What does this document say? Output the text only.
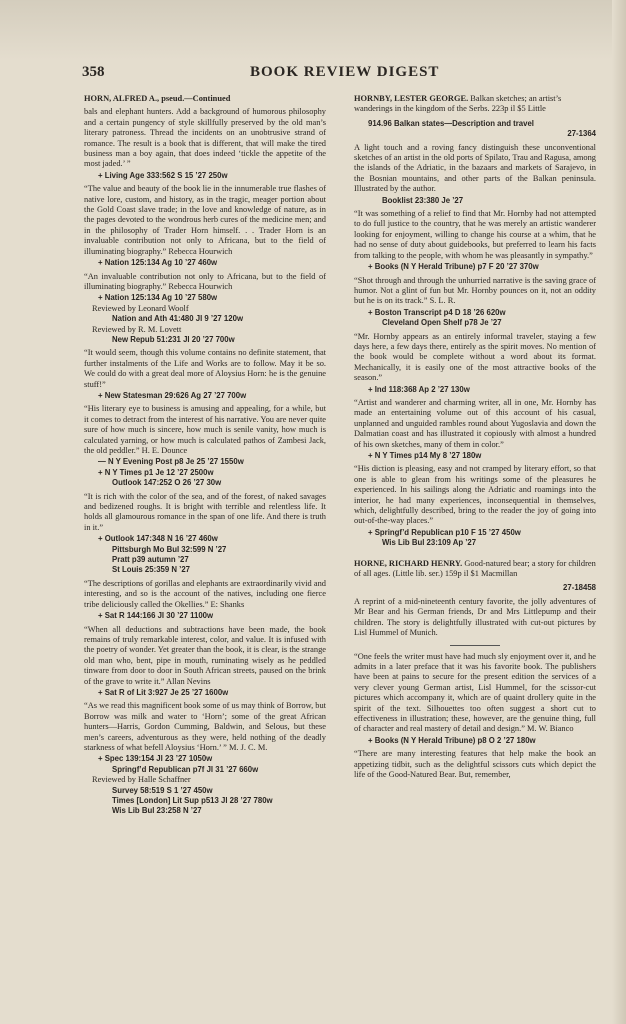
358	BOOK REVIEW DIGEST
HORN, ALFRED A., pseud.—Continued
bals and elephant hunters. Add a background of humorous philosophy and a certain pungency of style skillfully preserved by the old man’s literary patroness. Thread the incidents on an unobtrusive strand of romance. The result is a book that is different, that will make the tired business man a boy again, that does indeed ‘tickle the appetite of the most jaded.’ ”
+ Living Age 333:562 S 15 ’27 250w
“The value and beauty of the book lie in the innumerable true flashes of native lore, custom, and history, as in the tragic, meager portion about the Gold Coast slave trade; in the love and knowledge of nature, as in the pages devoted to the wondrous herb cures of the medicine men; and in the philosophy of Trader Horn himself. . . Trader Horn is an invaluable contribution not only to Africana, but to the field of illuminating biography.” Rebecca Hourwich
+ Nation 125:134 Ag 10 ’27 460w
“An invaluable contribution not only to Africana, but to the field of illuminating biography.” Rebecca Hourwich
+ Nation 125:134 Ag 10 ’27 580w
Reviewed by Leonard Woolf
Nation and Ath 41:480 Jl 9 ’27 120w
Reviewed by R. M. Lovett
New Repub 51:231 Jl 20 ’27 700w
“It would seem, though this volume contains no definite statement, that further instalments of the Life and Works are to follow. May it be so. We could do with a great deal more of Aloysius Horn: he is the genuine stuff!”
+ New Statesman 29:626 Ag 27 ’27 700w
“His literary eye to business is amusing and appealing, for a while, but it comes to detract from the interest of his narrative. You are never quite sure of how much is sincere, how much is senile vanity, how much is calculated yarning, or how much is calculated pathos of Zambesi Jack, the old peddler.” H. E. Dounce
— N Y Evening Post p8 Je 25 ’27 1550w
+ N Y Times p1 Je 12 ’27 2500w
Outlook 147:252 O 26 ’27 30w
“It is rich with the color of the sea, and of the forest, of naked savages and bedizened roughs. It is bright with terrible and relentless life. It holds all glamourous romance in the span of one life. And there is truth in it.”
+ Outlook 147:348 N 16 ’27 460w
Pittsburgh Mo Bul 32:599 N ’27
Pratt p39 autumn ’27
St Louis 25:359 N ’27
“The descriptions of gorillas and elephants are extraordinarily vivid and interesting, and so is the account of the natives, including one fierce tribe deliciously called the Okellies.” E: Shanks
+ Sat R 144:166 Jl 30 ’27 1100w
“When all deductions and subtractions have been made, the book remains of truly remarkable interest, color, and value. It is infused with the poetry of wonder. Yet greater than the book, it is clear, is the strange old man who, bent, pipe in mouth, ruminating wisely as he peddled tinware from door to door in South African streets, paused on the brink of the grave to write it.” Allan Nevins
+ Sat R of Lit 3:927 Je 25 ’27 1600w
“As we read this magnificent book some of us may think of Borrow, but Borrow was milk and water to ‘Horn’; some of the great African hunters—Harris, Gordon Cumming, Baldwin, and Selous, but these men’s careers, adventurous as they were, held nothing of the deadly starkness of what befell Aloysius ‘Horn.’ ” M. J. C. M.
+ Spec 139:154 Jl 23 ’27 1050w
Springf’d Republican p7f Jl 31 ’27 660w
Reviewed by Halle Schaffner
Survey 58:519 S 1 ’27 450w
Times [London] Lit Sup p513 Jl 28 ’27 780w
Wis Lib Bul 23:258 N ’27
HORNBY, LESTER GEORGE. Balkan sketches; an artist’s wanderings in the kingdom of the Serbs. 223p il $5 Little
914.96 Balkan states—Description and travel
27-1364
A light touch and a roving fancy distinguish these unconventional sketches of an artist in the old ports of Spilato, Trau and Ragusa, among the islands of the Adriatic, in the bazaars and markets of Sarajevo, in the Bosnian mountains, and other parts of the Balkan peninsula. Illustrated by the author.
Booklist 23:380 Je ’27
“It was something of a relief to find that Mr. Hornby had not attempted to do full justice to the country, that he was merely an artistic wanderer looking for enjoyment, willing to change his course at a whim, that he had no sense of duty about guidebooks, but preferred to learn his facts from talking to the people, with whom he was pleasantly in sympathy.”
+ Books (N Y Herald Tribune) p7 F 20 ’27 370w
“Shot through and through the unhurried narrative is the saving grace of humor. Not a glint of fun but Mr. Hornby pounces on it, not an oddity but he is on its track.” S. L. R.
+ Boston Transcript p4 D 18 ’26 620w
Cleveland Open Shelf p78 Je ’27
“Mr. Hornby appears as an entirely informal traveler, staying a few days here, a few days there, entirely as the spirit moves. No mention of the book would be complete without a word about its format. Mechanically, it is easily one of the most attractive books of the season.”
+ Ind 118:368 Ap 2 ’27 130w
“Artist and wanderer and charming writer, all in one, Mr. Hornby has made an entertaining volume out of this account of his casual, unplanned and unguided rambles round about Yugoslavia and down the Dalmatian coast and has illustrated it copiously with almost a hundred of his own sketches, many of them in color.”
+ N Y Times p14 My 8 ’27 180w
“His diction is pleasing, easy and not cramped by literary effort, so that one is able to glean from his writings some of the pleasures he experienced. In his sailings along the Adriatic and roamings into the interior, he had many experiences, inconsequential in themselves, which, delightfully described, bring to the reader the joy of going into out-of-the-way places.”
+ Springf’d Republican p10 F 15 ’27 450w
Wis Lib Bul 23:109 Ap ’27
HORNE, RICHARD HENRY. Good-natured bear; a story for children of all ages. (Little lib. ser.) 159p il $1 Macmillan
27-18458
A reprint of a mid-nineteenth century favorite, the jolly adventures of Mr Bear and his German friends, Dr and Mrs Littlepump and their children. The story is delightfully illustrated with cut-out pictures by Lisl Hummel of Munich.
“One feels the writer must have had much sly enjoyment over it, and he admits in a later preface that it was his favorite book. The publishers have been at pains to secure for the present edition the services of a very clever young German artist, Lisl Hummel, for the scissor-cut pictures which accompany it, which are of quaint drollery quite in the spirit of the text. Silhouettes too often suggest a short cut to effectiveness in illustration; these, however, are the genuine thing, full of character and real mastery of detail and design.” M. W. Bianco
+ Books (N Y Herald Tribune) p8 O 2 ’27 180w
“There are many interesting features that help make the book an appetizing tidbit, such as the delightful scissors cuts which depict the life of the Good-Natured Bear. But, remember,
